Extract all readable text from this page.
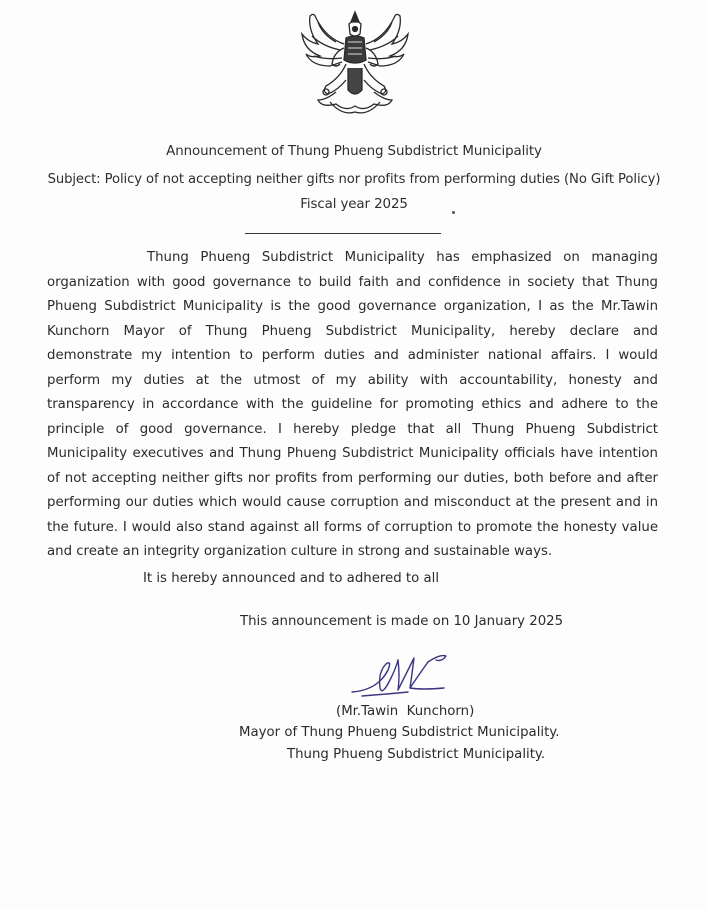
Announcement of Thung Phueng Subdistrict Municipality
Subject: Policy of not accepting neither gifts nor profits from performing duties (No Gift Policy)
Fiscal year 2025

Thung Phueng Subdistrict Municipality has emphasized on managing organization with good governance to build faith and confidence in society that Thung Phueng Subdistrict Municipality is the good governance organization, I as the Mr.Tawin Kunchorn Mayor of Thung Phueng Subdistrict Municipality, hereby declare and demonstrate my intention to perform duties and administer national affairs. I would perform my duties at the utmost of my ability with accountability, honesty and transparency in accordance with the guideline for promoting ethics and adhere to the principle of good governance. I hereby pledge that all Thung Phueng Subdistrict Municipality executives and Thung Phueng Subdistrict Municipality officials have intention of not accepting neither gifts nor profits from performing our duties, both before and after performing our duties which would cause corruption and misconduct at the present and in the future. I would also stand against all forms of corruption to promote the honesty value and create an integrity organization culture in strong and sustainable ways.

It is hereby announced and to adhered to all
This announcement is made on 10 January 2025
(Mr.Tawin  Kunchorn)
Mayor of Thung Phueng Subdistrict Municipality.
Thung Phueng Subdistrict Municipality.
